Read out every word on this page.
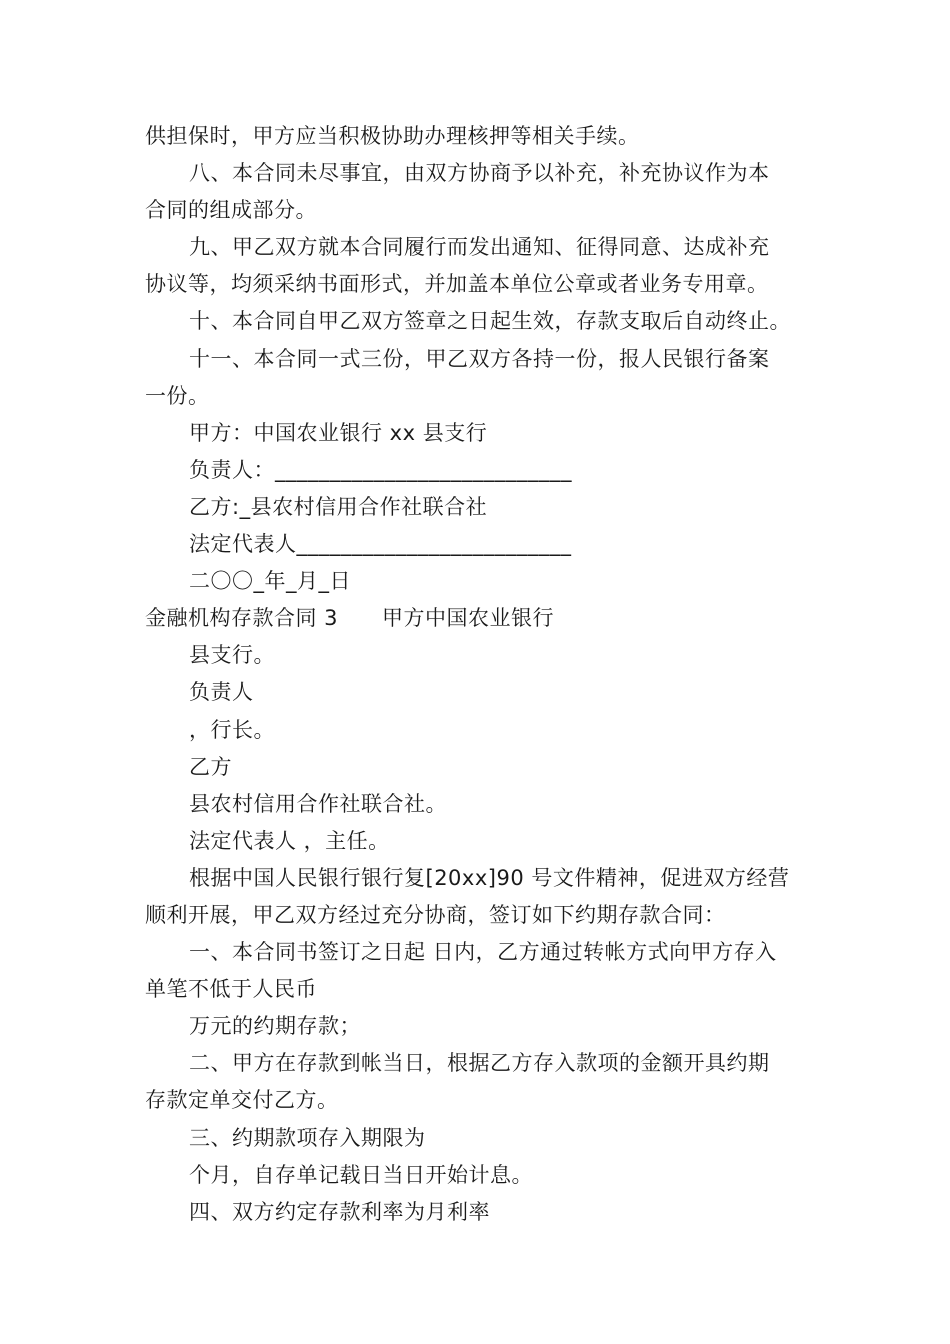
供担保时，甲方应当积极协助办理核押等相关手续。
八、本合同未尽事宜，由双方协商予以补充，补充协议作为本
合同的组成部分。
九、甲乙双方就本合同履行而发出通知、征得同意、达成补充
协议等，均须采纳书面形式，并加盖本单位公章或者业务专用章。
十、本合同自甲乙双方签章之日起生效，存款支取后自动终止。
十一、本合同一式三份，甲乙双方各持一份，报人民银行备案
一份。
甲方：中国农业银行 xx 县支行
负责人：___________________________
乙方:_县农村信用合作社联合社
法定代表人_________________________
二〇〇_年_月_日
金融机构存款合同 3 甲方中国农业银行
县支行。
负责人
，行长。
乙方
县农村信用合作社联合社。
法定代表人 ，主任。
根据中国人民银行银行复[20xx]90 号文件精神，促进双方经营
顺利开展，甲乙双方经过充分协商，签订如下约期存款合同：
一、本合同书签订之日起 日内，乙方通过转帐方式向甲方存入
单笔不低于人民币
万元的约期存款；
二、甲方在存款到帐当日，根据乙方存入款项的金额开具约期
存款定单交付乙方。
三、约期款项存入期限为
个月，自存单记载日当日开始计息。
四、双方约定存款利率为月利率
